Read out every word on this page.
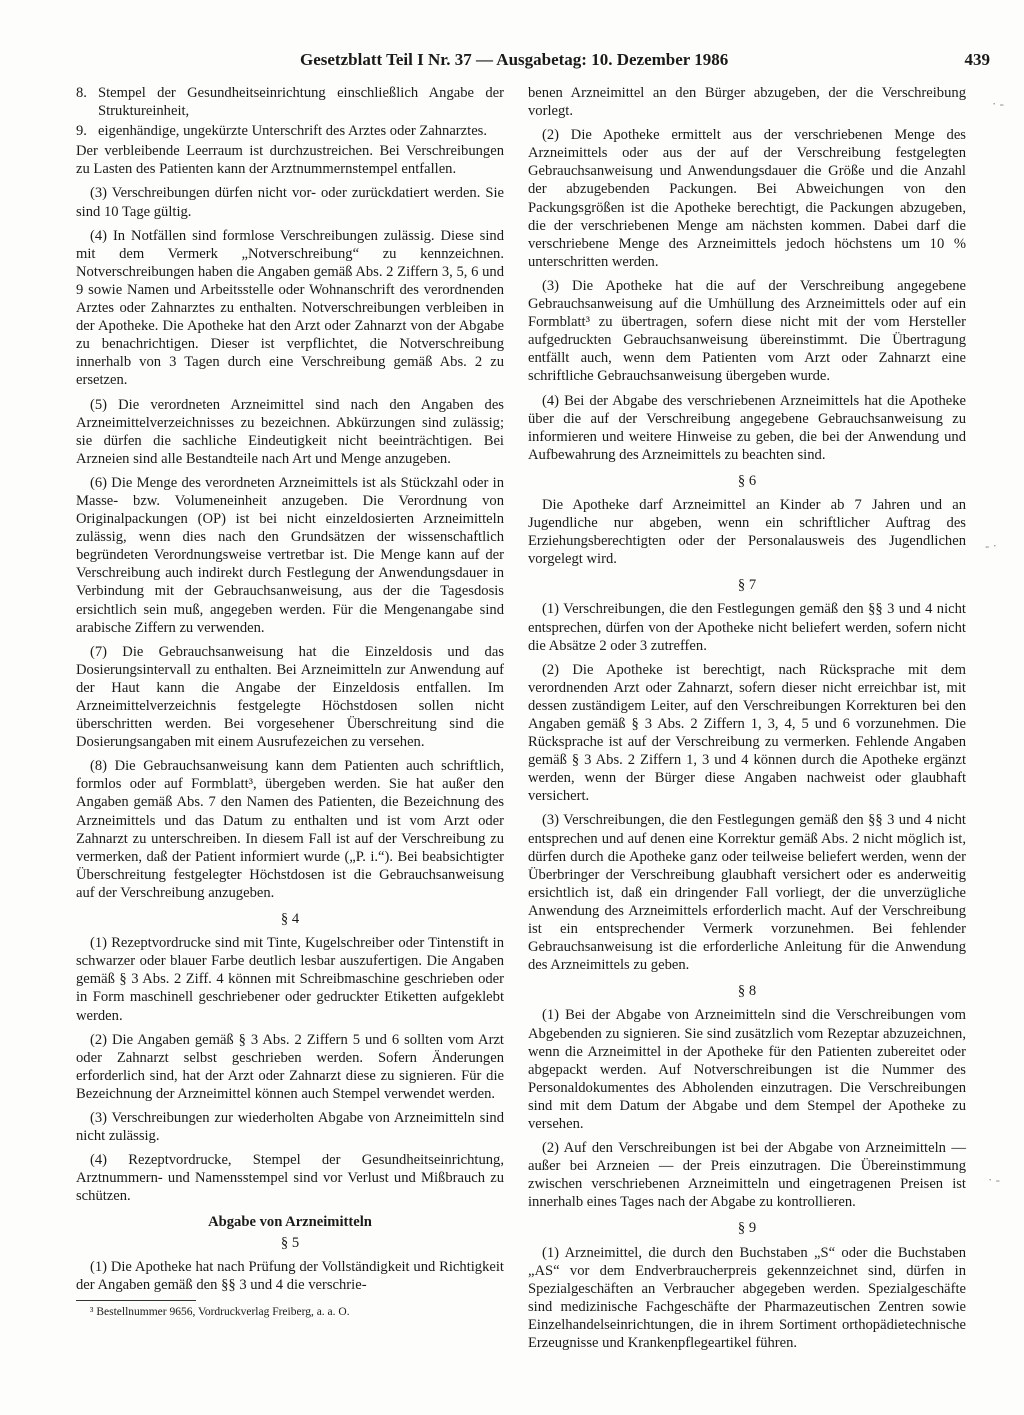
Gesetzblatt Teil I Nr. 37 — Ausgabetag: 10. Dezember 1986	439
8. Stempel der Gesundheitseinrichtung einschließlich Angabe der Struktureinheit,
9. eigenhändige, ungekürzte Unterschrift des Arztes oder Zahnarztes.

Der verbleibende Leerraum ist durchzustreichen. Bei Verschreibungen zu Lasten des Patienten kann der Arztnummernstempel entfallen.

(3) Verschreibungen dürfen nicht vor- oder zurückdatiert werden. Sie sind 10 Tage gültig.

(4) In Notfällen sind formlose Verschreibungen zulässig. Diese sind mit dem Vermerk „Notverschreibung“ zu kennzeichnen. Notverschreibungen haben die Angaben gemäß Abs. 2 Ziffern 3, 5, 6 und 9 sowie Namen und Arbeitsstelle oder Wohnanschrift des verordnenden Arztes oder Zahnarztes zu enthalten. Notverschreibungen verbleiben in der Apotheke. Die Apotheke hat den Arzt oder Zahnarzt von der Abgabe zu benachrichtigen. Dieser ist verpflichtet, die Notverschreibung innerhalb von 3 Tagen durch eine Verschreibung gemäß Abs. 2 zu ersetzen.

(5) Die verordneten Arzneimittel sind nach den Angaben des Arzneimittelverzeichnisses zu bezeichnen. Abkürzungen sind zulässig; sie dürfen die sachliche Eindeutigkeit nicht beeinträchtigen. Bei Arzneien sind alle Bestandteile nach Art und Menge anzugeben.

(6) Die Menge des verordneten Arzneimittels ist als Stückzahl oder in Masse- bzw. Volumeneinheit anzugeben. Die Verordnung von Originalpackungen (OP) ist bei nicht einzeldosierten Arzneimitteln zulässig, wenn dies nach den Grundsätzen der wissenschaftlich begründeten Verordnungsweise vertretbar ist. Die Menge kann auf der Verschreibung auch indirekt durch Festlegung der Anwendungsdauer in Verbindung mit der Gebrauchsanweisung, aus der die Tagesdosis ersichtlich sein muß, angegeben werden. Für die Mengenangabe sind arabische Ziffern zu verwenden.

(7) Die Gebrauchsanweisung hat die Einzeldosis und das Dosierungsintervall zu enthalten. Bei Arzneimitteln zur Anwendung auf der Haut kann die Angabe der Einzeldosis entfallen. Im Arzneimittelverzeichnis festgelegte Höchstdosen sollen nicht überschritten werden. Bei vorgesehener Überschreitung sind die Dosierungsangaben mit einem Ausrufezeichen zu versehen.

(8) Die Gebrauchsanweisung kann dem Patienten auch schriftlich, formlos oder auf Formblatt³, übergeben werden. Sie hat außer den Angaben gemäß Abs. 7 den Namen des Patienten, die Bezeichnung des Arzneimittels und das Datum zu enthalten und ist vom Arzt oder Zahnarzt zu unterschreiben. In diesem Fall ist auf der Verschreibung zu vermerken, daß der Patient informiert wurde („P. i.“). Bei beabsichtigter Überschreitung festgelegter Höchstdosen ist die Gebrauchsanweisung auf der Verschreibung anzugeben.

§ 4

(1) Rezeptvordrucke sind mit Tinte, Kugelschreiber oder Tintenstift in schwarzer oder blauer Farbe deutlich lesbar auszufertigen. Die Angaben gemäß § 3 Abs. 2 Ziff. 4 können mit Schreibmaschine geschrieben oder in Form maschinell geschriebener oder gedruckter Etiketten aufgeklebt werden.

(2) Die Angaben gemäß § 3 Abs. 2 Ziffern 5 und 6 sollten vom Arzt oder Zahnarzt selbst geschrieben werden. Sofern Änderungen erforderlich sind, hat der Arzt oder Zahnarzt diese zu signieren. Für die Bezeichnung der Arzneimittel können auch Stempel verwendet werden.

(3) Verschreibungen zur wiederholten Abgabe von Arzneimitteln sind nicht zulässig.

(4) Rezeptvordrucke, Stempel der Gesundheitseinrichtung, Arztnummern- und Namensstempel sind vor Verlust und Mißbrauch zu schützen.

Abgabe von Arzneimitteln
§ 5

(1) Die Apotheke hat nach Prüfung der Vollständigkeit und Richtigkeit der Angaben gemäß den §§ 3 und 4 die verschrie-

³ Bestellnummer 9656, Vordruckverlag Freiberg, a. a. O.

benen Arzneimittel an den Bürger abzugeben, der die Verschreibung vorlegt.

(2) Die Apotheke ermittelt aus der verschriebenen Menge des Arzneimittels oder aus der auf der Verschreibung festgelegten Gebrauchsanweisung und Anwendungsdauer die Größe und die Anzahl der abzugebenden Packungen. Bei Abweichungen von den Packungsgrößen ist die Apotheke berechtigt, die Packungen abzugeben, die der verschriebenen Menge am nächsten kommen. Dabei darf die verschriebene Menge des Arzneimittels jedoch höchstens um 10 % unterschritten werden.

(3) Die Apotheke hat die auf der Verschreibung angegebene Gebrauchsanweisung auf die Umhüllung des Arzneimittels oder auf ein Formblatt³ zu übertragen, sofern diese nicht mit der vom Hersteller aufgedruckten Gebrauchsanweisung übereinstimmt. Die Übertragung entfällt auch, wenn dem Patienten vom Arzt oder Zahnarzt eine schriftliche Gebrauchsanweisung übergeben wurde.

(4) Bei der Abgabe des verschriebenen Arzneimittels hat die Apotheke über die auf der Verschreibung angegebene Gebrauchsanweisung zu informieren und weitere Hinweise zu geben, die bei der Anwendung und Aufbewahrung des Arzneimittels zu beachten sind.

§ 6

Die Apotheke darf Arzneimittel an Kinder ab 7 Jahren und an Jugendliche nur abgeben, wenn ein schriftlicher Auftrag des Erziehungsberechtigten oder der Personalausweis des Jugendlichen vorgelegt wird.

§ 7

(1) Verschreibungen, die den Festlegungen gemäß den §§ 3 und 4 nicht entsprechen, dürfen von der Apotheke nicht beliefert werden, sofern nicht die Absätze 2 oder 3 zutreffen.

(2) Die Apotheke ist berechtigt, nach Rücksprache mit dem verordnenden Arzt oder Zahnarzt, sofern dieser nicht erreichbar ist, mit dessen zuständigem Leiter, auf den Verschreibungen Korrekturen bei den Angaben gemäß § 3 Abs. 2 Ziffern 1, 3, 4, 5 und 6 vorzunehmen. Die Rücksprache ist auf der Verschreibung zu vermerken. Fehlende Angaben gemäß § 3 Abs. 2 Ziffern 1, 3 und 4 können durch die Apotheke ergänzt werden, wenn der Bürger diese Angaben nachweist oder glaubhaft versichert.

(3) Verschreibungen, die den Festlegungen gemäß den §§ 3 und 4 nicht entsprechen und auf denen eine Korrektur gemäß Abs. 2 nicht möglich ist, dürfen durch die Apotheke ganz oder teilweise beliefert werden, wenn der Überbringer der Verschreibung glaubhaft versichert oder es anderweitig ersichtlich ist, daß ein dringender Fall vorliegt, der die unverzügliche Anwendung des Arzneimittels erforderlich macht. Auf der Verschreibung ist ein entsprechender Vermerk vorzunehmen. Bei fehlender Gebrauchsanweisung ist die erforderliche Anleitung für die Anwendung des Arzneimittels zu geben.

§ 8

(1) Bei der Abgabe von Arzneimitteln sind die Verschreibungen vom Abgebenden zu signieren. Sie sind zusätzlich vom Rezeptar abzuzeichnen, wenn die Arzneimittel in der Apotheke für den Patienten zubereitet oder abgepackt werden. Auf Notverschreibungen ist die Nummer des Personaldokumentes des Abholenden einzutragen. Die Verschreibungen sind mit dem Datum der Abgabe und dem Stempel der Apotheke zu versehen.

(2) Auf den Verschreibungen ist bei der Abgabe von Arzneimitteln — außer bei Arzneien — der Preis einzutragen. Die Übereinstimmung zwischen verschriebenen Arzneimitteln und eingetragenen Preisen ist innerhalb eines Tages nach der Abgabe zu kontrollieren.

§ 9

(1) Arzneimittel, die durch den Buchstaben „S“ oder die Buchstaben „AS“ vor dem Endverbraucherpreis gekennzeichnet sind, dürfen in Spezialgeschäften an Verbraucher abgegeben werden. Spezialgeschäfte sind medizinische Fachgeschäfte der Pharmazeutischen Zentren sowie Einzelhandelseinrichtungen, die in ihrem Sortiment orthopädietechnische Erzeugnisse und Krankenpflegeartikel führen.

· -
- ·
· -
